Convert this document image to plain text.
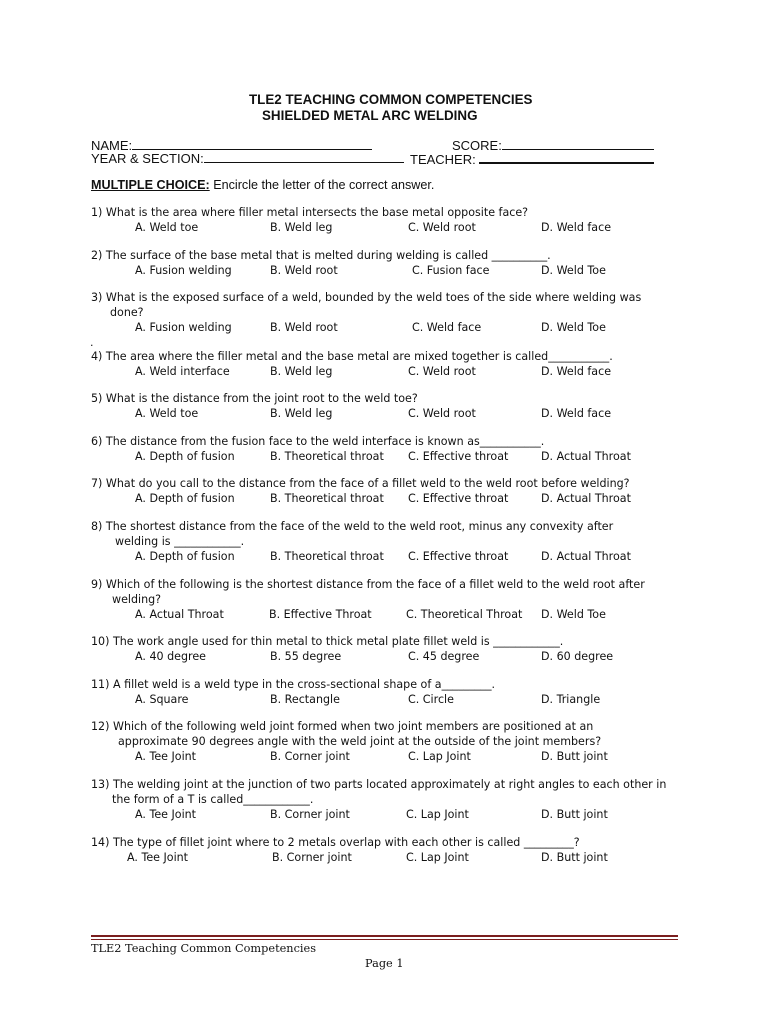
TLE2 TEACHING COMMON COMPETENCIES
SHIELDED METAL ARC WELDING
NAME:	SCORE:
YEAR & SECTION:	TEACHER:
MULTIPLE CHOICE: Encircle the letter of the correct answer.
1) What is the area where filler metal intersects the base metal opposite face?
A. Weld toe	B. Weld leg	C. Weld root	D. Weld face
2) The surface of the base metal that is melted during welding is called __________.
A. Fusion welding	B. Weld root	C. Fusion face	D. Weld Toe
3) What is the exposed surface of a weld, bounded by the weld toes of the side where welding was
done?
A. Fusion welding	B. Weld root	C. Weld face	D. Weld Toe
4) The area where the filler metal and the base metal are mixed together is called___________.
A. Weld interface	B. Weld leg	C. Weld root	D. Weld face
5) What is the distance from the joint root to the weld toe?
A. Weld toe	B. Weld leg	C. Weld root	D. Weld face
6) The distance from the fusion face to the weld interface is known as___________.
A. Depth of fusion	B. Theoretical throat C. Effective throat	D. Actual Throat
7) What do you call to the distance from the face of a fillet weld to the weld root before welding?
A. Depth of fusion	B. Theoretical throat C. Effective throat	D. Actual Throat
8) The shortest distance from the face of the weld to the weld root, minus any convexity after
welding is ____________.
A. Depth of fusion	B. Theoretical throat C. Effective throat	D. Actual Throat
9) Which of the following is the shortest distance from the face of a fillet weld to the weld root after
welding?
A. Actual Throat	B. Effective Throat	C. Theoretical Throat D. Weld Toe
10) The work angle used for thin metal to thick metal plate fillet weld is ____________.
A. 40 degree	B. 55 degree	C. 45 degree	D. 60 degree
11) A fillet weld is a weld type in the cross-sectional shape of a_________.
A. Square	B. Rectangle	C. Circle	D. Triangle
12) Which of the following weld joint formed when two joint members are positioned at an
approximate 90 degrees angle with the weld joint at the outside of the joint members?
A. Tee Joint	B. Corner joint	C. Lap Joint	D. Butt joint
13) The welding joint at the junction of two parts located approximately at right angles to each other in
the form of a T is called____________.
A. Tee Joint	B. Corner joint	C. Lap Joint	D. Butt joint
14) The type of fillet joint where to 2 metals overlap with each other is called _________?
A. Tee Joint	B. Corner joint	C. Lap Joint	D. Butt joint
.
TLE2 Teaching Common Competencies
Page 1
